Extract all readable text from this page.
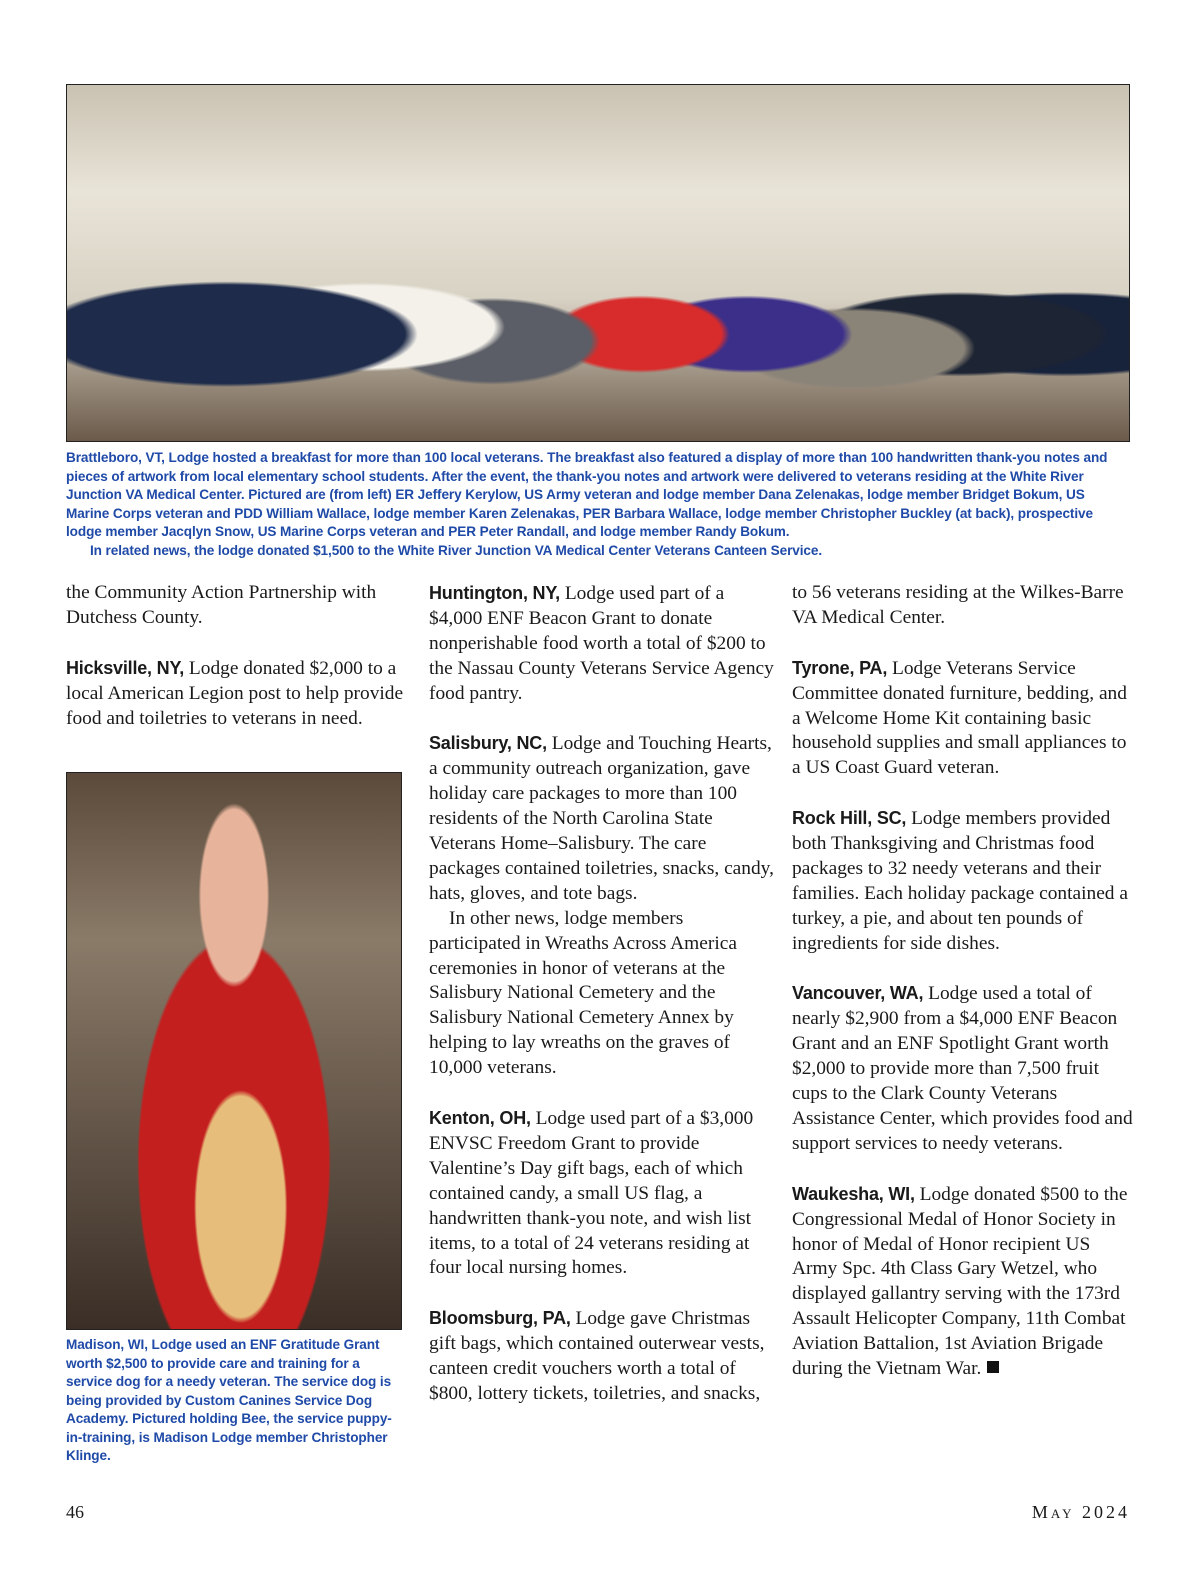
Brattleboro, VT, Lodge hosted a breakfast for more than 100 local veterans. The breakfast also featured a display of more than 100 handwritten thank-you notes and pieces of artwork from local elementary school students. After the event, the thank-you notes and artwork were delivered to veterans residing at the White River Junction VA Medical Center. Pictured are (from left) ER Jeffery Kerylow, US Army veteran and lodge member Dana Zelenakas, lodge member Bridget Bokum, US Marine Corps veteran and PDD William Wallace, lodge member Karen Zelenakas, PER Barbara Wallace, lodge member Christopher Buckley (at back), prospective lodge member Jacqlyn Snow, US Marine Corps veteran and PER Peter Randall, and lodge member Randy Bokum.
In related news, the lodge donated $1,500 to the White River Junction VA Medical Center Veterans Canteen Service.

the Community Action Partnership with Dutchess County.

Hicksville, NY, Lodge donated $2,000 to a local American Legion post to help provide food and toiletries to veterans in need.

Madison, WI, Lodge used an ENF Gratitude Grant worth $2,500 to provide care and training for a service dog for a needy veteran. The service dog is being provided by Custom Canines Service Dog Academy. Pictured holding Bee, the service puppy-in-training, is Madison Lodge member Christopher Klinge.

Huntington, NY, Lodge used part of a $4,000 ENF Beacon Grant to donate nonperishable food worth a total of $200 to the Nassau County Veterans Service Agency food pantry.

Salisbury, NC, Lodge and Touching Hearts, a community outreach organization, gave holiday care packages to more than 100 residents of the North Carolina State Veterans Home–Salisbury. The care packages contained toiletries, snacks, candy, hats, gloves, and tote bags.

In other news, lodge members participated in Wreaths Across America ceremonies in honor of veterans at the Salisbury National Cemetery and the Salisbury National Cemetery Annex by helping to lay wreaths on the graves of 10,000 veterans.

Kenton, OH, Lodge used part of a $3,000 ENVSC Freedom Grant to provide Valentine’s Day gift bags, each of which contained candy, a small US flag, a handwritten thank-you note, and wish list items, to a total of 24 veterans residing at four local nursing homes.

Bloomsburg, PA, Lodge gave Christmas gift bags, which contained outerwear vests, canteen credit vouchers worth a total of $800, lottery tickets, toiletries, and snacks,

to 56 veterans residing at the Wilkes-Barre VA Medical Center.

Tyrone, PA, Lodge Veterans Service Committee donated furniture, bedding, and a Welcome Home Kit containing basic household supplies and small appliances to a US Coast Guard veteran.

Rock Hill, SC, Lodge members provided both Thanksgiving and Christmas food packages to 32 needy veterans and their families. Each holiday package contained a turkey, a pie, and about ten pounds of ingredients for side dishes.

Vancouver, WA, Lodge used a total of nearly $2,900 from a $4,000 ENF Beacon Grant and an ENF Spotlight Grant worth $2,000 to provide more than 7,500 fruit cups to the Clark County Veterans Assistance Center, which provides food and support services to needy veterans.

Waukesha, WI, Lodge donated $500 to the Congressional Medal of Honor Society in honor of Medal of Honor recipient US Army Spc. 4th Class Gary Wetzel, who displayed gallantry serving with the 173rd Assault Helicopter Company, 11th Combat Aviation Battalion, 1st Aviation Brigade during the Vietnam War.

46	May 2024
